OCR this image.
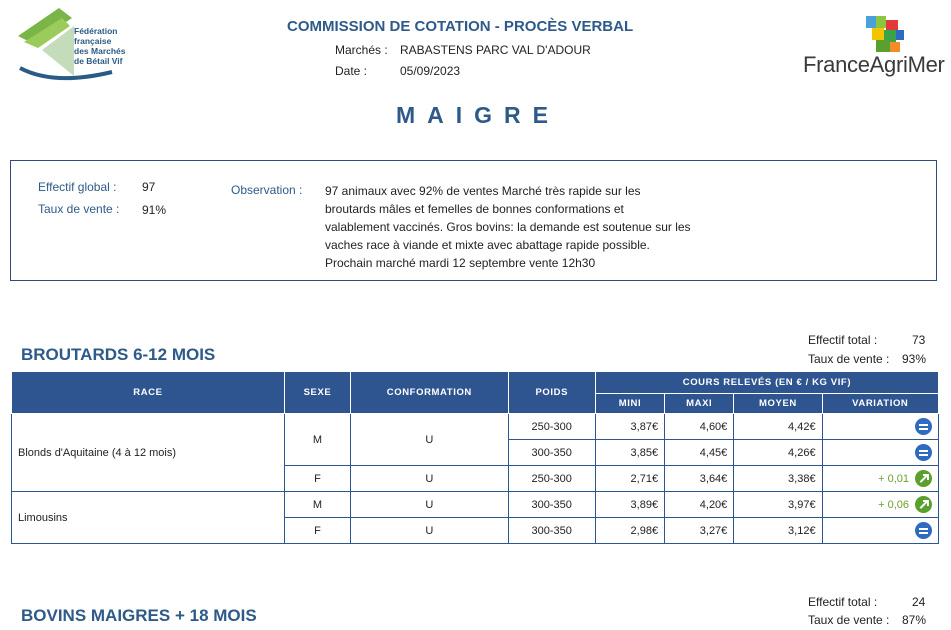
Fédération
française
des Marchés
de Bétail Vif
COMMISSION DE COTATION - PROCÈS VERBAL
Marchés : RABASTENS PARC VAL D'ADOUR
Date :	05/09/2023	FranceAgriMer
MAIGRE
Effectif global : 97
Taux de vente : 91%
Observation : 97 animaux avec 92% de ventes Marché très rapide sur les
broutards mâles et femelles de bonnes conformations et
valablement vaccinés. Gros bovins: la demande est soutenue sur les
vaches race à viande et mixte avec abattage rapide possible.
Prochain marché mardi 12 septembre vente 12h30
Effectif total :	73
Taux de vente : 93%
BROUTARDS 6-12 MOIS
RACE	SEXE	CONFORMATION	POIDS	COURS RELEVÉS (EN € / KG VIF)			
				MINI	MAXI	MOYEN	VARIATION
Blonds d'Aquitaine (4 à 12 mois)	M	U	250-300	3,87€	4,60€	4,42€	
			300-350	3,85€	4,45€	4,26€	
	F	U	250-300	2,71€	3,64€	3,38€	+ 0,01
Limousins	M	U	300-350	3,89€	4,20€	3,97€	+ 0,06
	F	U	300-350	2,98€	3,27€	3,12€	
Effectif total :	24
Taux de vente : 87%
BOVINS MAIGRES + 18 MOIS
